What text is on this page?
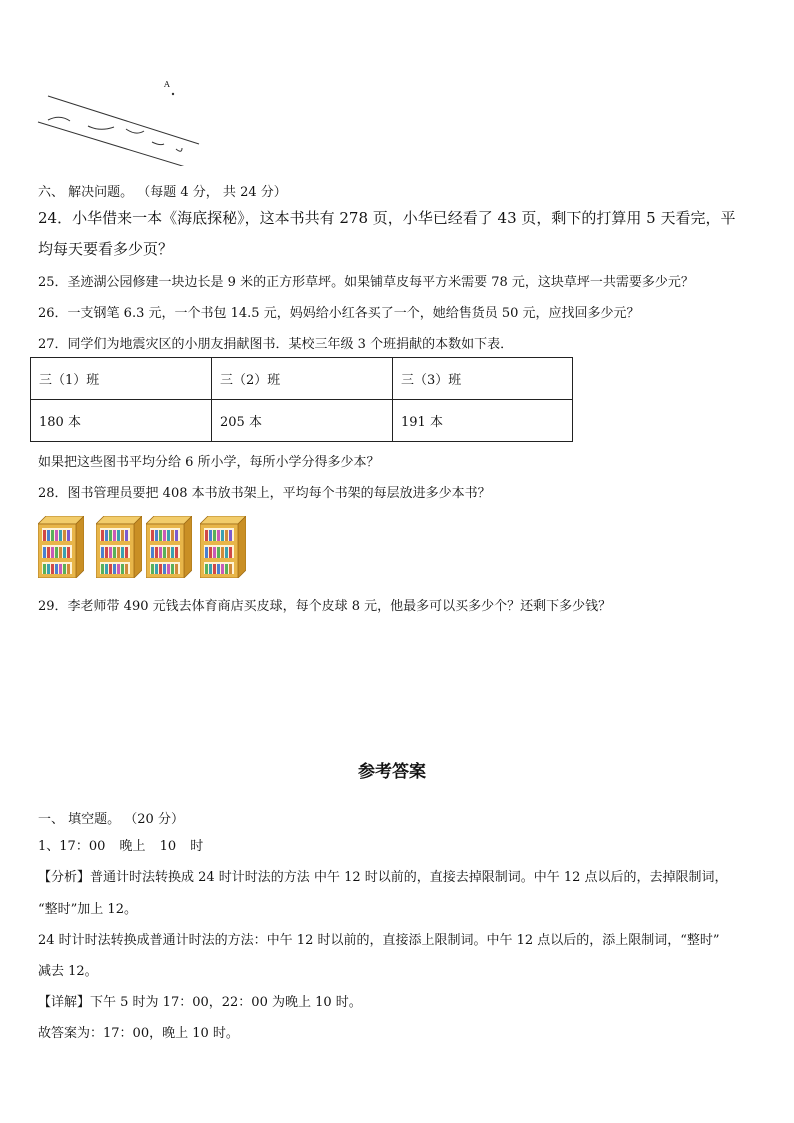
A
六、 解决问题。 （每题 4 分， 共 24 分）
24．小华借来一本《海底探秘》，这本书共有 278 页，小华已经看了 43 页，剩下的打算用 5 天看完，平
均每天要看多少页？
25．圣迹湖公园修建一块边长是 9 米的正方形草坪。如果铺草皮每平方米需要 78 元，这块草坪一共需要多少元？
26．一支钢笔 6.3 元，一个书包 14.5 元，妈妈给小红各买了一个，她给售货员 50 元，应找回多少元？
27．同学们为地震灾区的小朋友捐献图书．某校三年级 3 个班捐献的本数如下表．
三（1）班	三（2）班	三（3）班
180 本	205 本	191 本
如果把这些图书平均分给 6 所小学，每所小学分得多少本？
28．图书管理员要把 408 本书放书架上，平均每个书架的每层放进多少本书？
29．李老师带 490 元钱去体育商店买皮球，每个皮球 8 元，他最多可以买多少个？还剩下多少钱？
参考答案
一、 填空题。 （20 分）
1、17：00 晚上 10 时
【分析】普通计时法转换成 24 时计时法的方法 中午 12 时以前的，直接去掉限制词。中午 12 点以后的，去掉限制词，
“整时”加上 12。
24 时计时法转换成普通计时法的方法：中午 12 时以前的，直接添上限制词。中午 12 点以后的，添上限制词，“整时”
减去 12。
【详解】下午 5 时为 17：00，22：00 为晚上 10 时。
故答案为：17：00，晚上 10 时。
